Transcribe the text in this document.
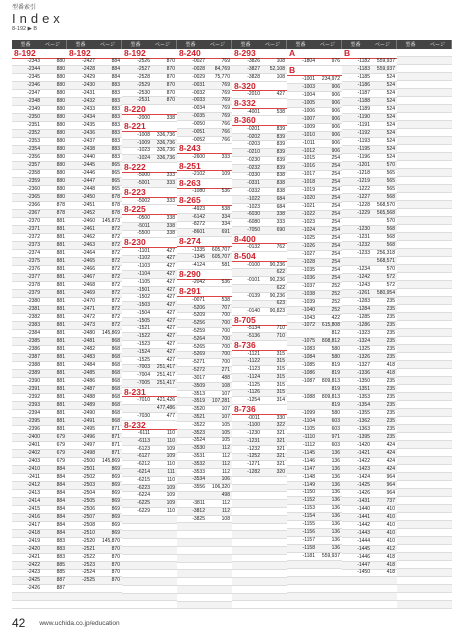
型番索引
Index
8-192 ▶ B
型番	ページ
8-192
-2343	880
-2344	880
-2345	880
-2346	880
-2347	880
-2348	880
-2349	880
-2350	880
-2351	880
-2352	880
-2353	880
-2354	880
-2356	880
-2357	880
-2358	880
-2359	880
-2360	880
-2365	880
-2366	878
-2367	878
-2370	881
-2371	881
-2372	881
-2373	881
-2374	881
-2375	881
-2376	881
-2377	881
-2378	881
-2379	881
-2380	881
-2381	881
-2382	881
-2383	881
-2384	881
-2385	881
-2386	881
-2387	881
-2388	881
-2389	881
-2390	881
-2391	881
-2392	881
-2393	881
-2394	881
-2395	881
-2396	881
-2400	679
-2401	679
-2402	679
-2403	679
-2410	884
-2411	884
-2412	884
-2413	884
-2414	884
-2415	884
-2416	884
-2417	884
-2418	884
-2419	883
-2420	883
-2421	883
-2422	885
-2423	885
-2425	887
-2426	887
型番	ページ
8-192
-2427	884
-2428	884
-2429	884
-2430	883
-2431	883
-2432	883
-2433	883
-2434	883
-2435	883
-2436	883
-2437	883
-2438	883
-2440	883
-2445	865
-2446	865
-2447	865
-2448	865
-2450	878
-2451	878
-2452	878
-2460	145,873
-2461	872
-2462	872
-2463	872
-2464	872
-2465	872
-2466	872
-2467	872
-2468	872
-2469	872
-2470	872
-2471	872
-2472	872
-2473	872
-2480	145,869
-2481	868
-2482	868
-2483	868
-2484	868
-2485	868
-2486	868
-2487	868
-2488	868
-2489	868
-2490	868
-2491	868
-2495	871
-2496	871
-2497	871
-2498	871
-2500	145,869
-2501	869
-2502	869
-2503	869
-2504	869
-2505	869
-2506	869
-2507	869
-2508	869
-2510	869
-2520	145,870
-2521	870
-2522	870
-2523	870
-2524	870
-2525	870
型番	ページ
8-192
-2526	870
-2527	870
-2528	870
-2529	870
-2530	870
-2531	870
8-220
-2000	338
8-221
-1008	336,736
-1009	336,736
-1023	336,736
-1024	336,736
8-222
-5000	333
-5001	333
8-223
-5002	333
8-225
-0500	338
-5011	338
-5500	338
8-230
-1101	427
-1102	427
-1103	427
-1104	427
-1105	427
-1501	427
-1502	427
-1503	427
-1504	427
-1505	427
-1521	427
-1522	427
-1523	427
-1524	427
-1525	427
-7003	251,417
-7004	251,417
-7005	251,417
8-231
-7010	421,426
477,486
-7030	477
8-232
-6111	110
-6113	110
-6123	109
-6127	109
-6212	110
-6214	111
-6215	110
-6223	109
-6224	109
-6225	109
-6229	110
型番	ページ
8-240
-0027	769
-0028	84,769
-0029	75,770
-0031	769
-0032	769
-0033	769
-0034	769
-0035	769
-0050	766
-0051	766
-0052	766
8-243
-2600	333
8-251
-2102	109
8-263
-1080	536
8-265
-4923	538
-6142	334
-8272	334
-8601	691
8-274
-1335	605,707
-1345	605,707
-4124	581
8-290
-2042	536
8-291
-0071	538
-5206	707
-5209	700
-5256	700
-5259	700
-5264	700
-5265	700
-5269	700
-5271	700
-5272	271
-3017	488
-3509	108
-3513	107
-3519	107,281
-3520	107
-3521	107
-3522	105
-3523	105
-3524	105
-3530	112
-3531	112
-3532	112
-3533	112
-3534	106
-3556	106,320
498
-3811	112
-3812	112
-3825	108
型番	ページ
8-293
-3826	108
-3827	52,108
-3828	108
8-320
-2010	427
8-332
-4001	538
8-360
-0201	839
-0202	839
-0203	839
-0210	839
-0230	839
-0232	839
-0330	838
-0331	838
-0332	838
-1022	684
-1023	684
-6030	338
-6080	333
-7050	690
8-400
-0132	762
8-504
-0100	90,236
622
-0101	90,236
622
-0139	90,236
623
-0140	90,823
8-705
-5134	710
-5136	710
8-736
-1121	315
-1122	315
-1123	315
-1124	315
-1125	315
-1126	315
-1254	314
8-736
-0011	330
-1100	322
-1230	321
-1231	321
-1232	321
-1252	321
-1271	321
-1282	320
型番	ページ
A
-1804	976
B
-1001	234,972
-1003	906
-1004	906
-1005	906
-1006	906
-1007	906
-1009	906
-1010	906
-1011	906
-1012	906
-1015	254
-1016	254
-1017	254
-1018	254
-1019	254
-1020	254
-1021	254
-1022	254
-1023	254
-1024	254
-1025	254
-1026	254
-1027	254
-1028	254
-1035	254
-1036	254
-1037	252
-1038	252
-1039	252
-1040	252
-1043	422
-1072	615,808
812
-1075	808,812
-1083	580
-1084	580
-1085	819
-1086	819
-1087	809,813
819
-1088	809,813
819
-1099	580
-1104	603
-1105	603
-1110	971
-1112	603
-1145	136
-1146	136
-1147	136
-1148	136
-1149	136
-1150	136
-1152	136
-1153	136
-1154	136
-1155	136
-1156	136
-1157	136
-1158	136
-1181	559,937
型番	ページ
B
-1182	559,937
-1183	559,937
-1185	524
-1186	524
-1187	524
-1188	524
-1189	524
-1190	524
-1191	524
-1192	524
-1193	524
-1195	524
-1196	524
-1201	570
-1218	565
-1219	565
-1222	565
-1227	568
-1228	568,570
-1229	565,568
570
-1230	568
-1231	568
-1232	568
-1233	256,318
568,571
-1234	570
-1242	572
-1243	572
-1261	580,954
-1283	235
-1284	235
-1285	235
-1286	235
-1323	235
-1324	235
-1325	235
-1326	235
-1327	418
-1336	418
-1350	235
-1351	235
-1353	235
-1354	235
-1355	235
-1362	235
-1363	235
-1395	235
-1420	424
-1421	424
-1422	424
-1423	424
-1424	964
-1425	964
-1426	964
-1431	737
-1440	410
-1441	410
-1442	410
-1443	410
-1444	410
-1445	412
-1446	418
-1447	418
-1450	418
型番	ページ
42 www.uchida.co.jp/education
